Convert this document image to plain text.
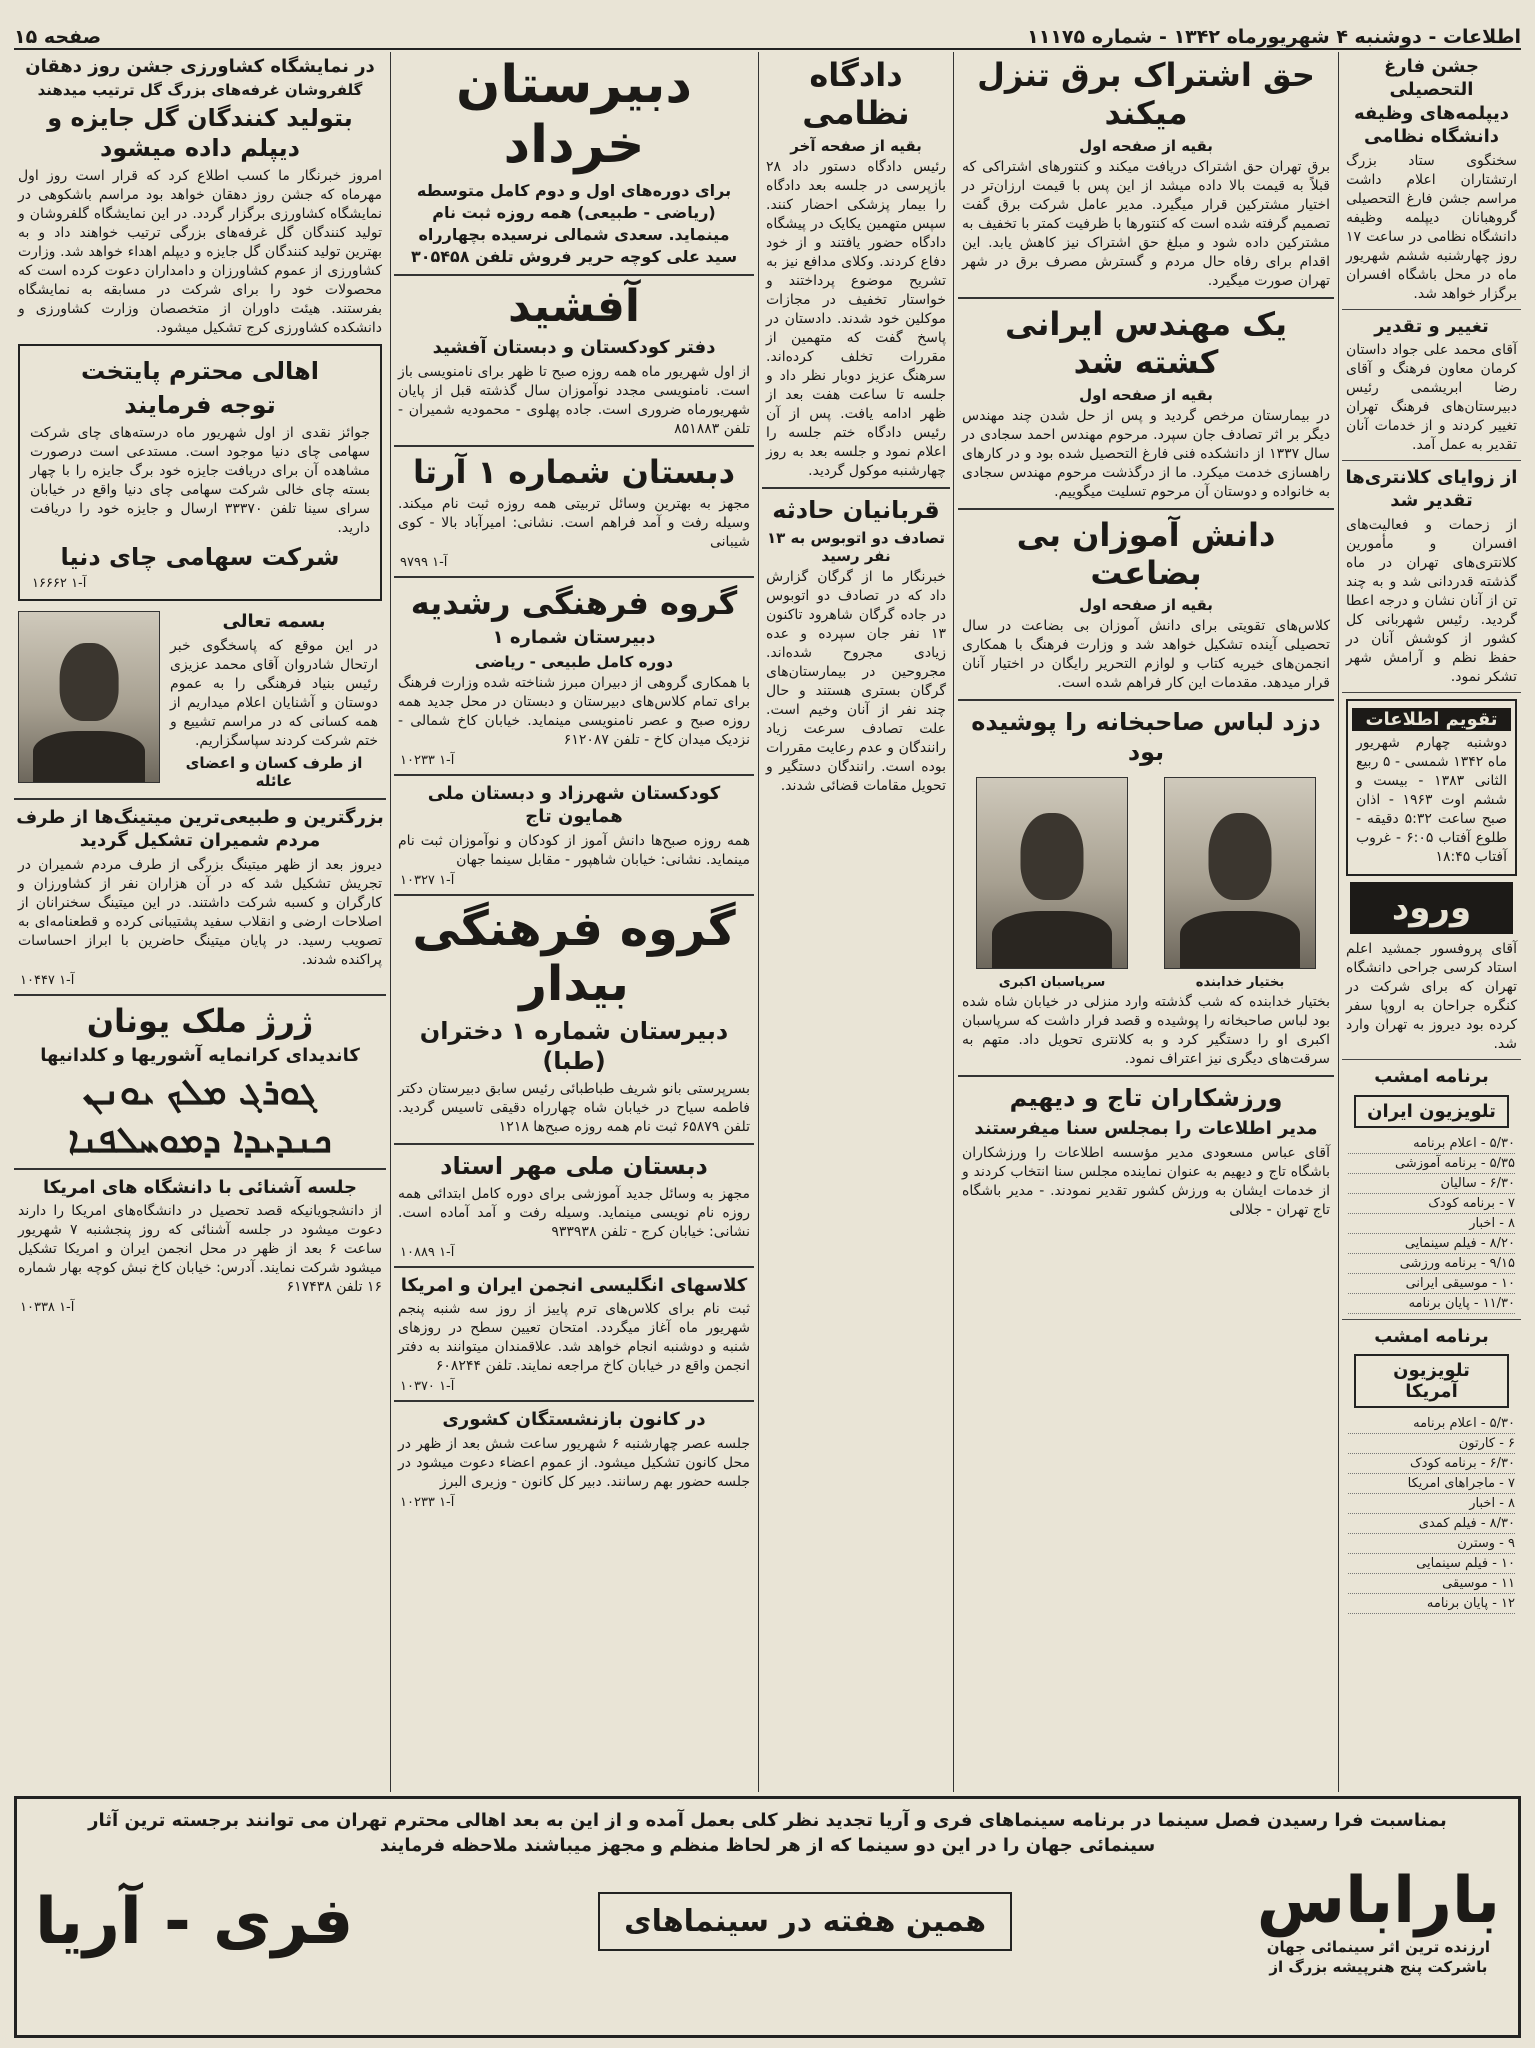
اطلاعات - دوشنبه ۴ شهریورماه ۱۳۴۲ - شماره ۱۱۱۷۵
صفحه ۱۵
جشن فارغ التحصیلی دیپلمه‌های وظیفه دانشگاه نظامی
سخنگوی ستاد بزرگ ارتشتاران اعلام داشت مراسم جشن فارغ التحصیلی گروهبانان دیپلمه وظیفه دانشگاه نظامی در ساعت ۱۷ روز چهارشنبه ششم شهریور ماه در محل باشگاه افسران برگزار خواهد شد.
تغییر و تقدیر
آقای محمد علی جواد داستان کرمان معاون فرهنگ و آقای رضا ابریشمی رئیس دبیرستان‌های فرهنگ تهران تغییر کردند و از خدمات آنان تقدیر به عمل آمد.
از زوایای کلانتری‌ها تقدیر شد
از زحمات و فعالیت‌های افسران و مأمورین کلانتری‌های تهران در ماه گذشته قدردانی شد و به چند تن از آنان نشان و درجه اعطا گردید. رئیس شهربانی کل کشور از کوشش آنان در حفظ نظم و آرامش شهر تشکر نمود.
تقویم اطلاعات
دوشنبه چهارم شهریور ماه ۱۳۴۲ شمسی - ۵ ربیع الثانی ۱۳۸۳ - بیست و ششم اوت ۱۹۶۳ - اذان صبح ساعت ۵:۳۲ دقیقه - طلوع آفتاب ۶:۰۵ - غروب آفتاب ۱۸:۴۵
ورود
آقای پروفسور جمشید اعلم استاد کرسی جراحی دانشگاه تهران که برای شرکت در کنگره جراحان به اروپا سفر کرده بود دیروز به تهران وارد شد.
برنامه امشب
تلویزیون ایران
۵/۳۰ - اعلام برنامه
۵/۳۵ - برنامه آموزشی
۶/۳۰ - سالیان
۷ - برنامه کودک
۸ - اخبار
۸/۲۰ - فیلم سینمایی
۹/۱۵ - برنامه ورزشی
۱۰ - موسیقی ایرانی
۱۱/۳۰ - پایان برنامه
برنامه امشب
تلویزیون آمریکا
۵/۳۰ - اعلام برنامه
۶ - کارتون
۶/۳۰ - برنامه کودک
۷ - ماجراهای امریکا
۸ - اخبار
۸/۳۰ - فیلم کمدی
۹ - وسترن
۱۰ - فیلم سینمایی
۱۱ - موسیقی
۱۲ - پایان برنامه
حق اشتراک برق تنزل میکند
بقیه از صفحه اول
برق تهران حق اشتراک دریافت میکند و کنتورهای اشتراکی که قبلاً به قیمت بالا داده میشد از این پس با قیمت ارزان‌تر در اختیار مشترکین قرار میگیرد. مدیر عامل شرکت برق گفت تصمیم گرفته شده است که کنتورها با ظرفیت کمتر با تخفیف به مشترکین داده شود و مبلغ حق اشتراک نیز کاهش یابد. این اقدام برای رفاه حال مردم و گسترش مصرف برق در شهر تهران صورت میگیرد.
یک مهندس ایرانی کشته شد
بقیه از صفحه اول
در بیمارستان مرخص گردید و پس از حل شدن چند مهندس دیگر بر اثر تصادف جان سپرد. مرحوم مهندس احمد سجادی در سال ۱۳۳۷ از دانشکده فنی فارغ التحصیل شده بود و در کارهای راهسازی خدمت میکرد. ما از درگذشت مرحوم مهندس سجادی به خانواده و دوستان آن مرحوم تسلیت میگوییم.
دانش آموزان بی بضاعت
بقیه از صفحه اول
کلاس‌های تقویتی برای دانش آموزان بی بضاعت در سال تحصیلی آینده تشکیل خواهد شد و وزارت فرهنگ با همکاری انجمن‌های خیریه کتاب و لوازم التحریر رایگان در اختیار آنان قرار میدهد. مقدمات این کار فراهم شده است.
دزد لباس صاحبخانه را پوشیده بود
بختیار خدابنده
سرپاسبان اکبری
بختیار خدابنده که شب گذشته وارد منزلی در خیابان شاه شده بود لباس صاحبخانه را پوشیده و قصد فرار داشت که سرپاسبان اکبری او را دستگیر کرد و به کلانتری تحویل داد. متهم به سرقت‌های دیگری نیز اعتراف نمود.
ورزشکاران تاج و دیهیم
مدیر اطلاعات را بمجلس سنا میفرستند
آقای عباس مسعودی مدیر مؤسسه اطلاعات را ورزشکاران باشگاه تاج و دیهیم به عنوان نماینده مجلس سنا انتخاب کردند و از خدمات ایشان به ورزش کشور تقدیر نمودند. - مدیر باشگاه تاج تهران - جلالی
دادگاه نظامی
بقیه از صفحه آخر
رئیس دادگاه دستور داد ۲۸ بازپرسی در جلسه بعد دادگاه را بیمار پزشکی احضار کنند. سپس متهمین یکایک در پیشگاه دادگاه حضور یافتند و از خود دفاع کردند. وکلای مدافع نیز به تشریح موضوع پرداختند و خواستار تخفیف در مجازات موکلین خود شدند. دادستان در پاسخ گفت که متهمین از مقررات تخلف کرده‌اند. سرهنگ عزیز دوبار نظر داد و جلسه تا ساعت هفت بعد از ظهر ادامه یافت. پس از آن رئیس دادگاه ختم جلسه را اعلام نمود و جلسه بعد به روز چهارشنبه موکول گردید.
قربانیان حادثه
تصادف دو اتوبوس به ۱۳ نفر رسید
خبرنگار ما از گرگان گزارش داد که در تصادف دو اتوبوس در جاده گرگان شاهرود تاکنون ۱۳ نفر جان سپرده و عده زیادی مجروح شده‌اند. مجروحین در بیمارستان‌های گرگان بستری هستند و حال چند نفر از آنان وخیم است. علت تصادف سرعت زیاد رانندگان و عدم رعایت مقررات بوده است. رانندگان دستگیر و تحویل مقامات قضائی شدند.
دبیرستان خرداد
برای دوره‌های اول و دوم کامل متوسطه (ریاضی - طبیعی) همه روزه ثبت نام مینماید. سعدی شمالی نرسیده بچهارراه سید علی کوچه حریر فروش تلفن ۳۰۵۴۵۸
آفشید
دفتر کودکستان و دبستان آفشید
از اول شهریور ماه همه روزه صبح تا ظهر برای نامنویسی باز است. نامنویسی مجدد نوآموزان سال گذشته قبل از پایان شهریورماه ضروری است. جاده پهلوی - محمودیه شمیران - تلفن ۸۵۱۸۸۳
دبستان شماره ۱ آرتا
مجهز به بهترین وسائل تربیتی همه روزه ثبت نام میکند. وسیله رفت و آمد فراهم است. نشانی: امیرآباد بالا - کوی شیبانی
آ-۱ ۹۷۹۹
گروه فرهنگی رشدیه
دبیرستان شماره ۱
دوره کامل طبیعی - ریاضی
با همکاری گروهی از دبیران مبرز شناخته شده وزارت فرهنگ برای تمام کلاس‌های دبیرستان و دبستان در محل جدید همه روزه صبح و عصر نامنویسی مینماید. خیابان کاخ شمالی - نزدیک میدان کاخ - تلفن ۶۱۲۰۸۷
آ-۱ ۱۰۲۳۳
کودکستان شهرزاد و دبستان ملی همایون تاج
همه روزه صبح‌ها دانش آموز از کودکان و نوآموزان ثبت نام مینماید. نشانی: خیابان شاهپور - مقابل سینما جهان
آ-۱ ۱۰۳۲۷
گروه فرهنگی بیدار
دبیرستان شماره ۱ دختران (طبا)
بسرپرستی بانو شریف طباطبائی رئیس سابق دبیرستان دکتر فاطمه سیاح در خیابان شاه چهارراه دقیقی تاسیس گردید. تلفن ۶۵۸۷۹ ثبت نام همه روزه صبح‌ها ۱۲۱۸
دبستان ملی مهر استاد
مجهز به وسائل جدید آموزشی برای دوره کامل ابتدائی همه روزه نام نویسی مینماید. وسیله رفت و آمد آماده است. نشانی: خیابان کرج - تلفن ۹۳۳۹۳۸
آ-۱ ۱۰۸۸۹
کلاسهای انگلیسی انجمن ایران و امریکا
ثبت نام برای کلاس‌های ترم پاییز از روز سه شنبه پنجم شهریور ماه آغاز میگردد. امتحان تعیین سطح در روزهای شنبه و دوشنبه انجام خواهد شد. علاقمندان میتوانند به دفتر انجمن واقع در خیابان کاخ مراجعه نمایند. تلفن ۶۰۸۲۴۴
آ-۱ ۱۰۳۷۰
در کانون بازنشستگان کشوری
جلسه عصر چهارشنبه ۶ شهریور ساعت شش بعد از ظهر در محل کانون تشکیل میشود. از عموم اعضاء دعوت میشود در جلسه حضور بهم رسانند. دبیر کل کانون - وزیری البرز
آ-۱ ۱۰۲۳۳
در نمایشگاه کشاورزی جشن روز دهقان
گلفروشان غرفه‌های بزرگ گل ترتیب میدهند
بتولید کنندگان گل جایزه و دیپلم داده میشود
امروز خبرنگار ما کسب اطلاع کرد که قرار است روز اول مهرماه که جشن روز دهقان خواهد بود مراسم باشکوهی در نمایشگاه کشاورزی برگزار گردد. در این نمایشگاه گلفروشان و تولید کنندگان گل غرفه‌های بزرگی ترتیب خواهند داد و به بهترین تولید کنندگان گل جایزه و دیپلم اهداء خواهد شد. وزارت کشاورزی از عموم کشاورزان و دامداران دعوت کرده است که محصولات خود را برای شرکت در مسابقه به نمایشگاه بفرستند. هیئت داوران از متخصصان وزارت کشاورزی و دانشکده کشاورزی کرج تشکیل میشود.
اهالی محترم پایتخت
توجه فرمایند
جوائز نقدی از اول شهریور ماه درسته‌های چای شرکت سهامی چای دنیا موجود است. مستدعی است درصورت مشاهده آن برای دریافت جایزه خود برگ جایزه را با چهار بسته چای خالی شرکت سهامی چای دنیا واقع در خیابان سرای سینا تلفن ۳۳۳۷۰ ارسال و جایزه خود را دریافت دارید.
شرکت سهامی چای دنیا
آ-۱ ۱۶۶۶۲
بسمه تعالی
در این موقع که پاسخگوی خبر ارتحال شادروان آقای محمد عزیزی رئیس بنیاد فرهنگی را به عموم دوستان و آشنایان اعلام میداریم از همه کسانی که در مراسم تشییع و ختم شرکت کردند سپاسگزاریم.
از طرف کسان و اعضای عائله
بزرگترین و طبیعی‌ترین میتینگ‌ها از طرف مردم شمیران تشکیل گردید
دیروز بعد از ظهر میتینگ بزرگی از طرف مردم شمیران در تجریش تشکیل شد که در آن هزاران نفر از کشاورزان و کارگران و کسبه شرکت داشتند. در این میتینگ سخنرانان از اصلاحات ارضی و انقلاب سفید پشتیبانی کرده و قطعنامه‌ای به تصویب رسید. در پایان میتینگ حاضرین با ابراز احساسات پراکنده شدند.
آ-۱ ۱۰۴۴۷
ژرژ ملک یونان
کاندیدای کرانمایه آشوریها و کلدانیها
ܓܘܪܓ ܡܠܟ ܝܘܢܢ
ܟܢܕܝܕܐ ܕܡܘܚܠܦܢܐ
جلسه آشنائی با دانشگاه های امریکا
از دانشجویانیکه قصد تحصیل در دانشگاه‌های امریکا را دارند دعوت میشود در جلسه آشنائی که روز پنجشنبه ۷ شهریور ساعت ۶ بعد از ظهر در محل انجمن ایران و امریکا تشکیل میشود شرکت نمایند. آدرس: خیابان کاخ نبش کوچه بهار شماره ۱۶ تلفن ۶۱۷۴۳۸
آ-۱ ۱۰۳۳۸
بمناسبت فرا رسیدن فصل سینما در برنامه سینماهای فری و آریا تجدید نظر کلی بعمل آمده و از این به بعد اهالی محترم تهران می توانند برجسته ترین آثار
سینمائی جهان را در این دو سینما که از هر لحاظ منظم و مجهز میباشند ملاحظه فرمایند
باراباس
ارزنده ترین اثر سینمائی جهان
باشرکت پنج هنرپیشه بزرگ از
همین هفته در سینماهای
فری - آریا
